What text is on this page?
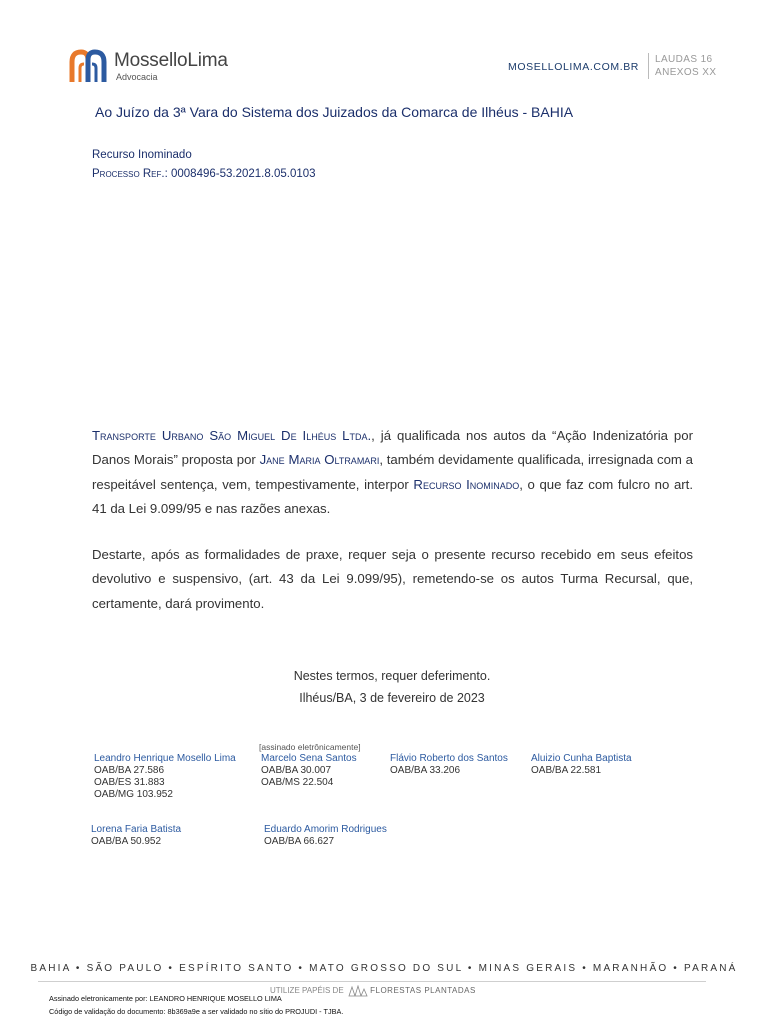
MosselloLima
Advocacia
MOSELLOLIMA.COM.BR
LAUDAS 16
ANEXOS XX
Ao Juízo da 3ª Vara do Sistema dos Juizados da Comarca de Ilhéus - BAHIA
Recurso Inominado
Processo Ref.: 0008496-53.2021.8.05.0103
Transporte Urbano São Miguel De Ilhéus Ltda., já qualificada nos autos da “Ação Indenizatória por Danos Morais” proposta por Jane Maria Oltramari, também devidamente qualificada, irresignada com a respeitável sentença, vem, tempestivamente, interpor Recurso Inominado, o que faz com fulcro no art. 41 da Lei 9.099/95 e nas razões anexas.
Destarte, após as formalidades de praxe, requer seja o presente recurso recebido em seus efeitos devolutivo e suspensivo, (art. 43 da Lei 9.099/95), remetendo-se os autos Turma Recursal, que, certamente, dará provimento.
Nestes termos, requer deferimento.
Ilhéus/BA, 3 de fevereiro de 2023
[assinado eletrônicamente]
Leandro Henrique Mosello Lima
OAB/BA 27.586
OAB/ES 31.883
OAB/MG 103.952
Marcelo Sena Santos
OAB/BA 30.007
OAB/MS 22.504
Flávio Roberto dos Santos
OAB/BA 33.206
Aluizio Cunha Baptista
OAB/BA 22.581
Lorena Faria Batista
OAB/BA 50.952
Eduardo Amorim Rodrigues
OAB/BA 66.627
BAHIA • SÃO PAULO • ESPÍRITO SANTO • MATO GROSSO DO SUL • MINAS GERAIS • MARANHÃO • PARANÁ
UTILIZE PAPÉIS DE	FLORESTAS PLANTADAS
Assinado eletronicamente por: LEANDRO HENRIQUE MOSELLO LIMA
Código de validação do documento: 8b369a9e a ser validado no sítio do PROJUDI - TJBA.
